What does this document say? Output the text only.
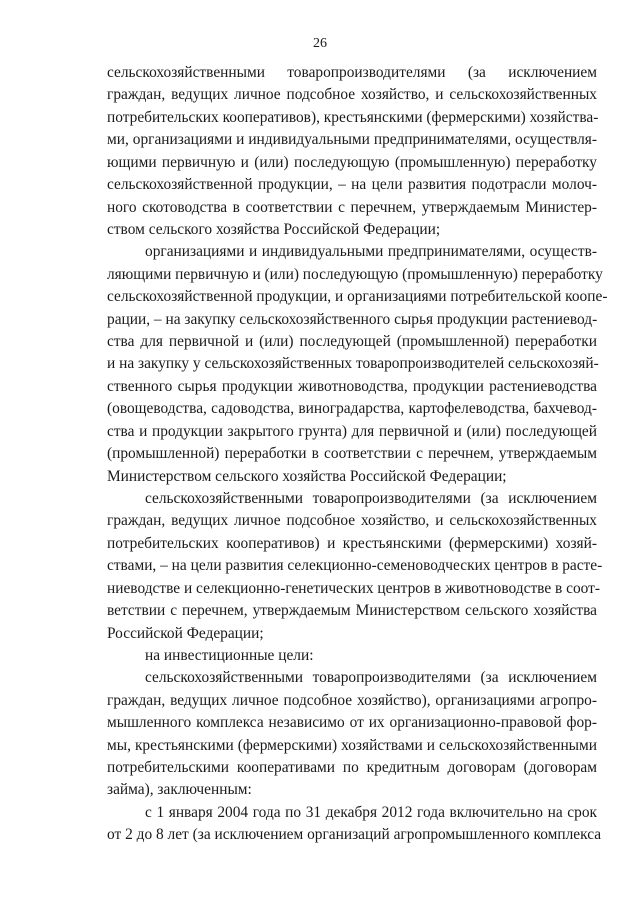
26
сельскохозяйственными товаропроизводителями (за исключением
граждан, ведущих личное подсобное хозяйство, и сельскохозяйственных
потребительских кооперативов), крестьянскими (фермерскими) хозяйства-
ми, организациями и индивидуальными предпринимателями, осуществля-
ющими первичную и (или) последующую (промышленную) переработку
сельскохозяйственной продукции, – на цели развития подотрасли молоч-
ного скотоводства в соответствии с перечнем, утверждаемым Министер-
ством сельского хозяйства Российской Федерации;
организациями и индивидуальными предпринимателями, осуществ-
ляющими первичную и (или) последующую (промышленную) переработку
сельскохозяйственной продукции, и организациями потребительской коопе-
рации, – на закупку сельскохозяйственного сырья продукции растениевод-
ства для первичной и (или) последующей (промышленной) переработки
и на закупку у сельскохозяйственных товаропроизводителей сельскохозяй-
ственного сырья продукции животноводства, продукции растениеводства
(овощеводства, садоводства, виноградарства, картофелеводства, бахчевод-
ства и продукции закрытого грунта) для первичной и (или) последующей
(промышленной) переработки в соответствии с перечнем, утверждаемым
Министерством сельского хозяйства Российской Федерации;
сельскохозяйственными товаропроизводителями (за исключением
граждан, ведущих личное подсобное хозяйство, и сельскохозяйственных
потребительских кооперативов) и крестьянскими (фермерскими) хозяй-
ствами, – на цели развития селекционно-семеноводческих центров в расте-
ниеводстве и селекционно-генетических центров в животноводстве в соот-
ветствии с перечнем, утверждаемым Министерством сельского хозяйства
Российской Федерации;
на инвестиционные цели:
сельскохозяйственными товаропроизводителями (за исключением
граждан, ведущих личное подсобное хозяйство), организациями агропро-
мышленного комплекса независимо от их организационно-правовой фор-
мы, крестьянскими (фермерскими) хозяйствами и сельскохозяйственными
потребительскими кооперативами по кредитным договорам (договорам
займа), заключенным:
с 1 января 2004 года по 31 декабря 2012 года включительно на срок
от 2 до 8 лет (за исключением организаций агропромышленного комплекса
